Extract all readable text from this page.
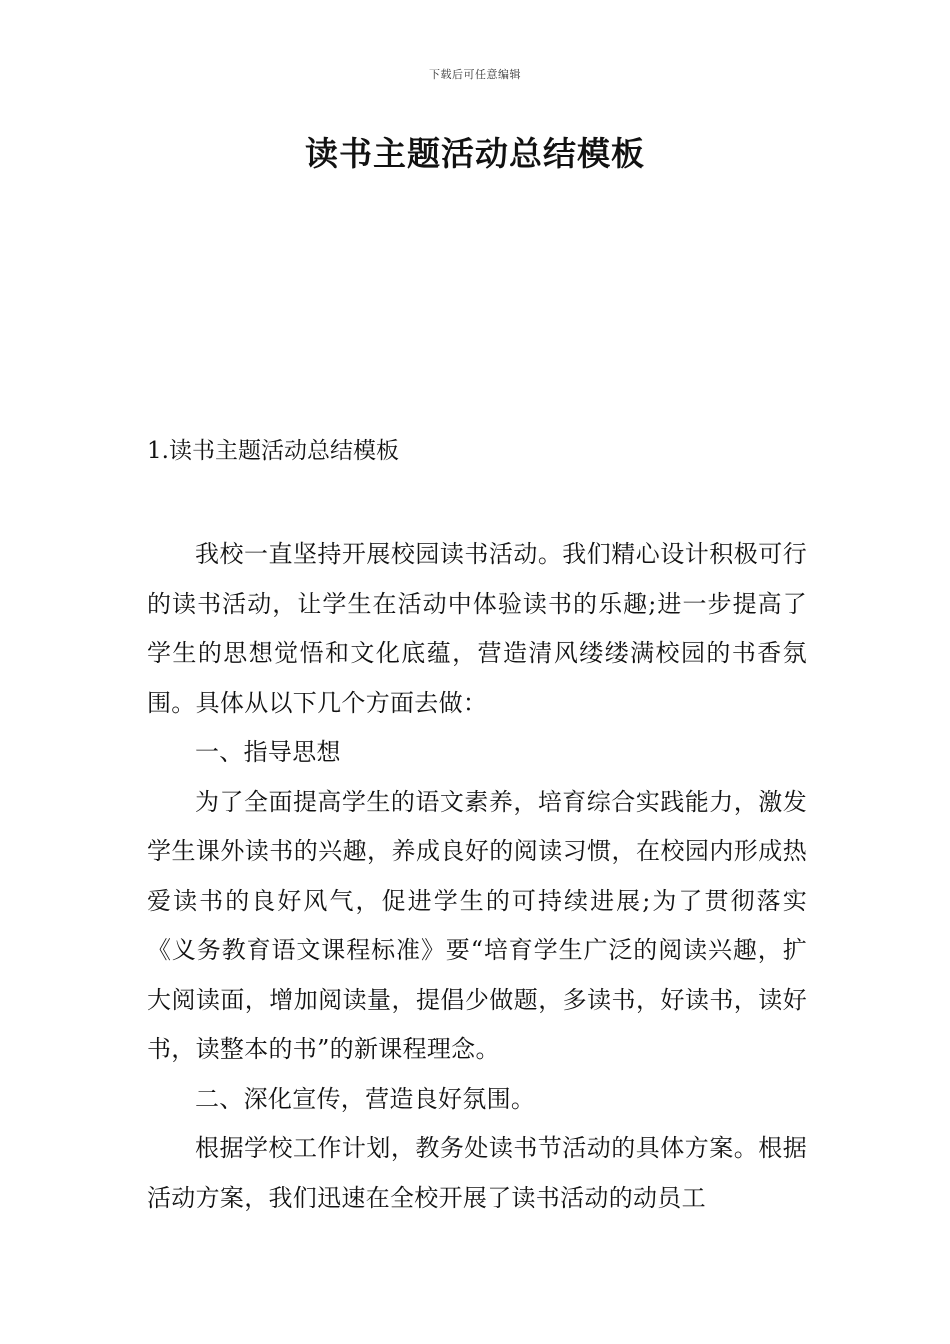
下载后可任意编辑
读书主题活动总结模板
1.读书主题活动总结模板

我校一直坚持开展校园读书活动。我们精心设计积极可行的读书活动，让学生在活动中体验读书的乐趣;进一步提高了学生的思想觉悟和文化底蕴，营造清风缕缕满校园的书香氛围。具体从以下几个方面去做：

一、指导思想

为了全面提高学生的语文素养，培育综合实践能力，激发学生课外读书的兴趣，养成良好的阅读习惯，在校园内形成热爱读书的良好风气，促进学生的可持续进展;为了贯彻落实《义务教育语文课程标准》要“培育学生广泛的阅读兴趣，扩大阅读面，增加阅读量，提倡少做题，多读书，好读书，读好书，读整本的书”的新课程理念。

二、深化宣传，营造良好氛围。

根据学校工作计划，教务处读书节活动的具体方案。根据活动方案，我们迅速在全校开展了读书活动的动员工
